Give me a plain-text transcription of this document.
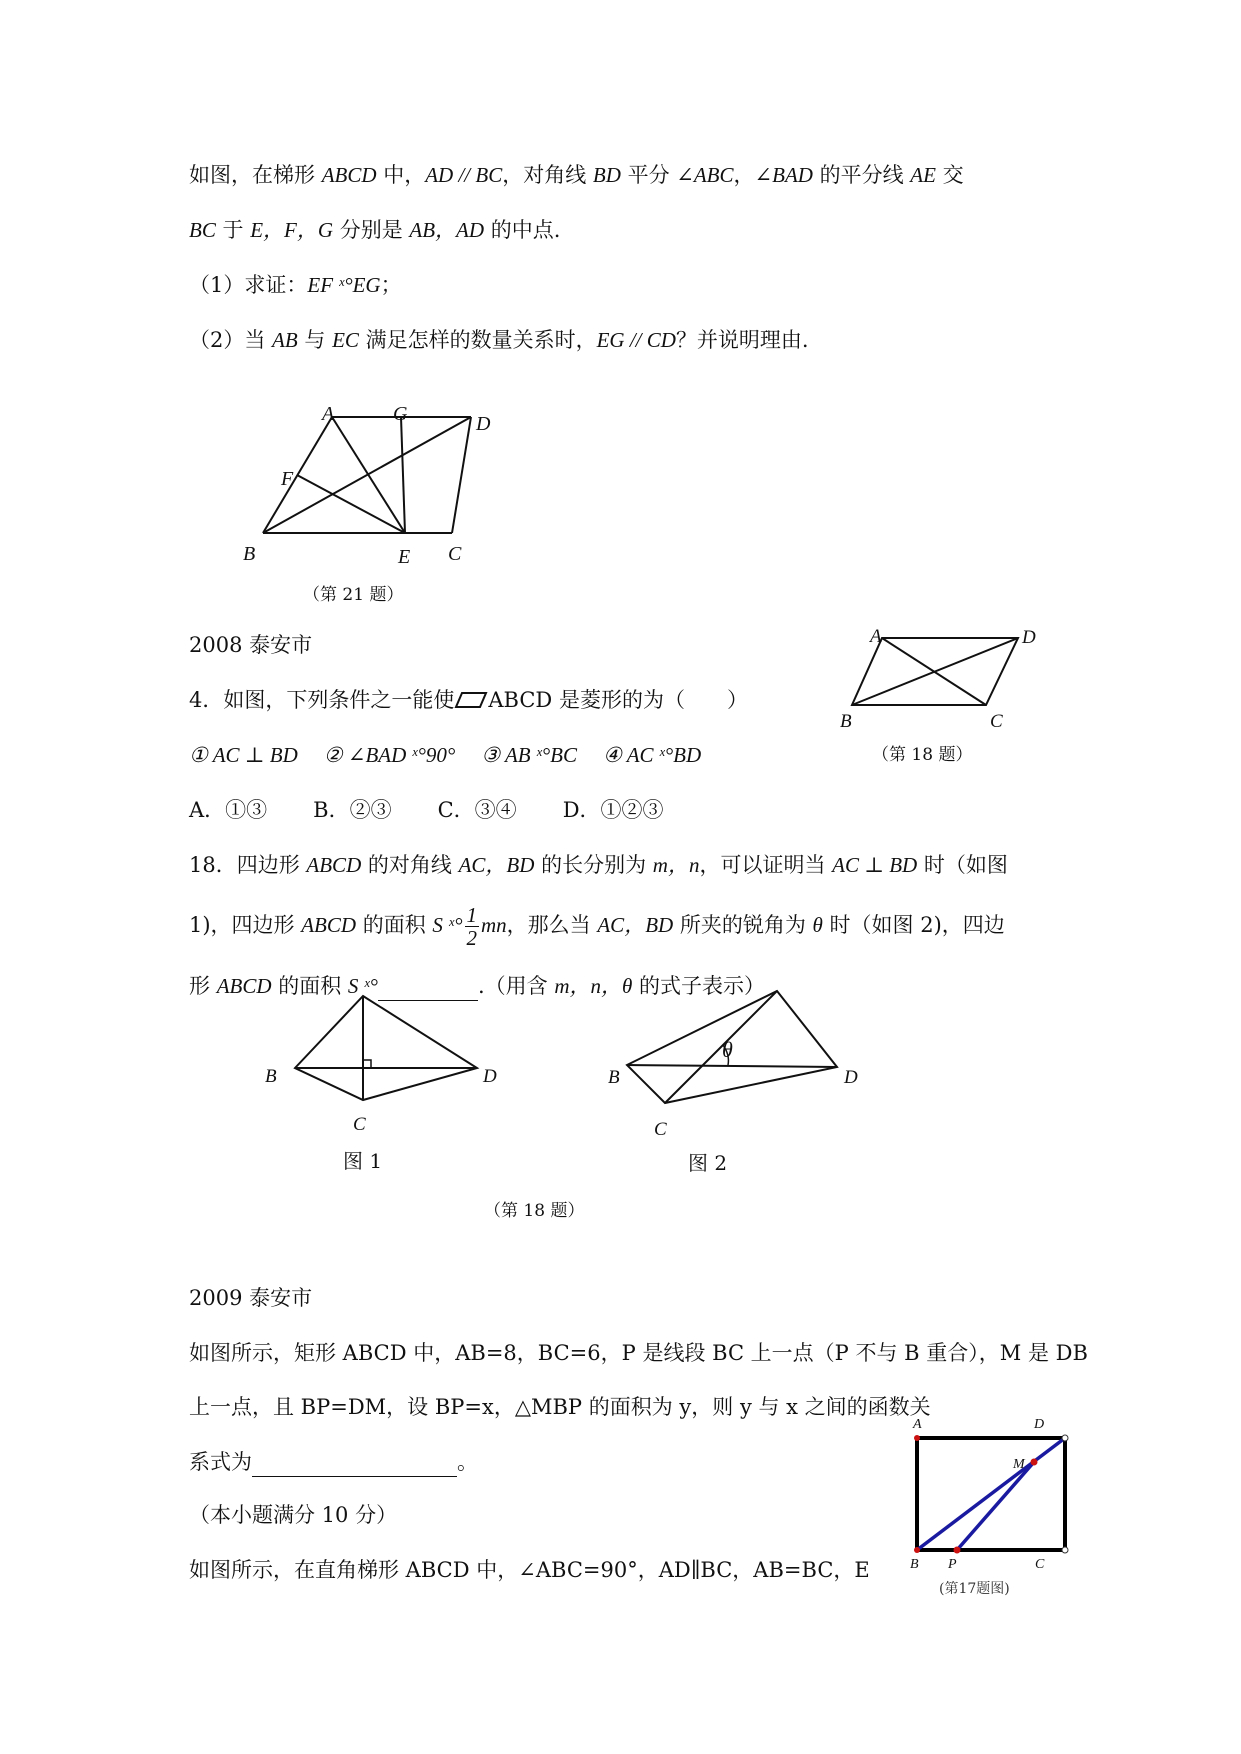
如图，在梯形 ABCD 中，AD // BC，对角线 BD 平分 ∠ABC，∠BAD 的平分线 AE 交
BC 于 E，F，G 分别是 AB，AD 的中点.
（1）求证：EF ˣ°EG；
（2）当 AB 与 EC 满足怎样的数量关系时，EG // CD？并说明理由.
A	G	D
F
B	E C
（第 21 题）
2008 泰安市
4．如图，下列条件之一能使 ABCD 是菱形的为（　　）
① AC ⊥ BD ② ∠BAD ˣ°90° ③ AB ˣ°BC ④ AC ˣ°BD
A．①③ B．②③ C．③④ D．①②③
A	D
B	C
（第 18 题）
18．四边形 ABCD 的对角线 AC，BD 的长分别为 m，n，可以证明当 AC ⊥ BD 时（如图
1)，四边形 ABCD 的面积 S ˣ° $\frac{1}{2}$ mn，那么当 AC，BD 所夹的锐角为 θ 时（如图 2)，四边
形 ABCD 的面积 S ˣ°	.（用含 m，n，θ 的式子表示）
B	D
C
图 1
θ
B	D
C
图 2
（第 18 题）
2009 泰安市
如图所示，矩形 ABCD 中，AB=8，BC=6，P 是线段 BC 上一点（P 不与 B 重合），M 是 DB
上一点，且 BP=DM，设 BP=x，△MBP 的面积为 y，则 y 与 x 之间的函数关
系式为	。
（本小题满分 10 分）
如图所示，在直角梯形 ABCD 中，∠ABC=90°，AD∥BC，AB=BC，E
A	D
M
B P	C
(第17题图)
